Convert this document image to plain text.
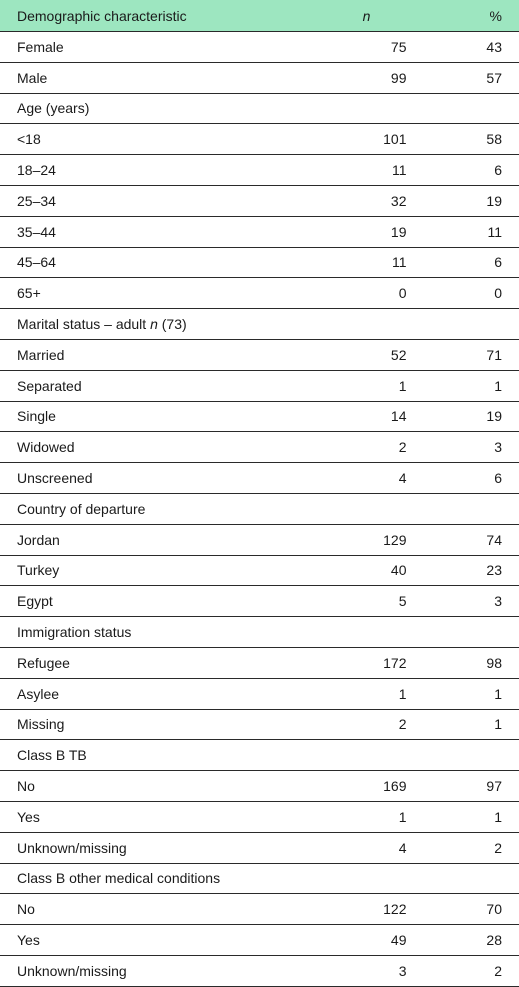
Demographic characteristic	n	%
Female	75	43
Male	99	57
Age (years)
<18	101	58
18–24	11	6
25–34	32	19
35–44	19	11
45–64	11	6
65+	0	0
Marital status – adult n (73)
Married	52	71
Separated	1	1
Single	14	19
Widowed	2	3
Unscreened	4	6
Country of departure
Jordan	129	74
Turkey	40	23
Egypt	5	3
Immigration status
Refugee	172	98
Asylee	1	1
Missing	2	1
Class B TB
No	169	97
Yes	1	1
Unknown/missing	4	2
Class B other medical conditions
No	122	70
Yes	49	28
Unknown/missing	3	2
